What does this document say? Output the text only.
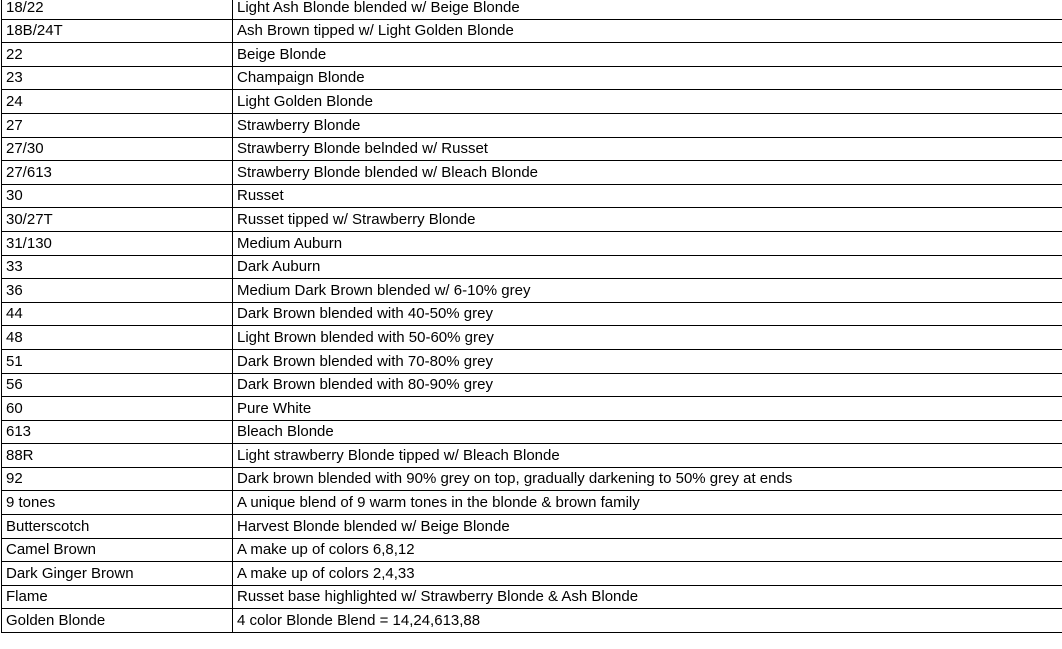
18/22	Light Ash Blonde blended w/ Beige Blonde
18B/24T	Ash Brown tipped w/ Light Golden Blonde
22	Beige Blonde
23	Champaign Blonde
24	Light Golden Blonde
27	Strawberry Blonde
27/30	Strawberry Blonde belnded w/ Russet
27/613	Strawberry Blonde blended w/ Bleach Blonde
30	Russet
30/27T	Russet tipped w/ Strawberry Blonde
31/130	Medium Auburn
33	Dark Auburn
36	Medium Dark Brown blended w/ 6-10% grey
44	Dark Brown blended with 40-50% grey
48	Light Brown blended with 50-60% grey
51	Dark Brown blended with 70-80% grey
56	Dark Brown blended with 80-90% grey
60	Pure White
613	Bleach Blonde
88R	Light strawberry Blonde tipped w/ Bleach Blonde
92	Dark brown blended with 90% grey on top, gradually darkening to 50% grey at ends
9 tones	A unique blend of 9 warm tones in the blonde & brown family
Butterscotch	Harvest Blonde blended w/ Beige Blonde
Camel Brown	A make up of colors 6,8,12
Dark Ginger Brown	A make up of colors 2,4,33
Flame	Russet base highlighted w/ Strawberry Blonde & Ash Blonde
Golden Blonde	4 color Blonde Blend = 14,24,613,88
